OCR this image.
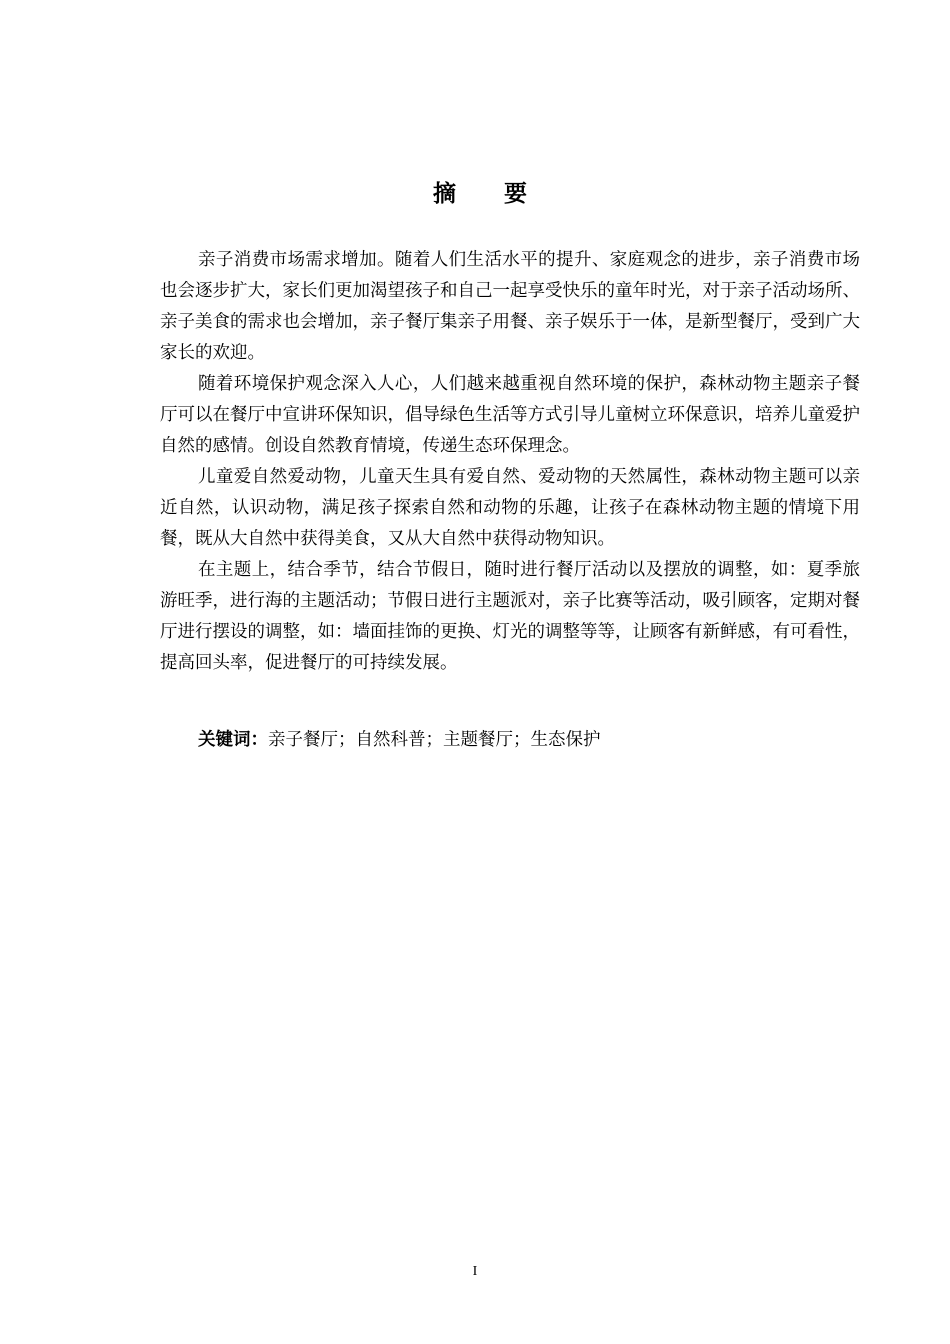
摘要

亲子消费市场需求增加。随着人们生活水平的提升、家庭观念的进步，亲子消费市场也会逐步扩大，家长们更加渴望孩子和自己一起享受快乐的童年时光，对于亲子活动场所、亲子美食的需求也会增加，亲子餐厅集亲子用餐、亲子娱乐于一体，是新型餐厅，受到广大家长的欢迎。

随着环境保护观念深入人心，人们越来越重视自然环境的保护，森林动物主题亲子餐厅可以在餐厅中宣讲环保知识，倡导绿色生活等方式引导儿童树立环保意识，培养儿童爱护自然的感情。创设自然教育情境，传递生态环保理念。

儿童爱自然爱动物，儿童天生具有爱自然、爱动物的天然属性，森林动物主题可以亲近自然，认识动物，满足孩子探索自然和动物的乐趣，让孩子在森林动物主题的情境下用餐，既从大自然中获得美食，又从大自然中获得动物知识。

在主题上，结合季节，结合节假日，随时进行餐厅活动以及摆放的调整，如：夏季旅游旺季，进行海的主题活动；节假日进行主题派对，亲子比赛等活动，吸引顾客，定期对餐厅进行摆设的调整，如：墙面挂饰的更换、灯光的调整等等，让顾客有新鲜感，有可看性，提高回头率，促进餐厅的可持续发展。

关键词：亲子餐厅；自然科普；主题餐厅；生态保护
I
